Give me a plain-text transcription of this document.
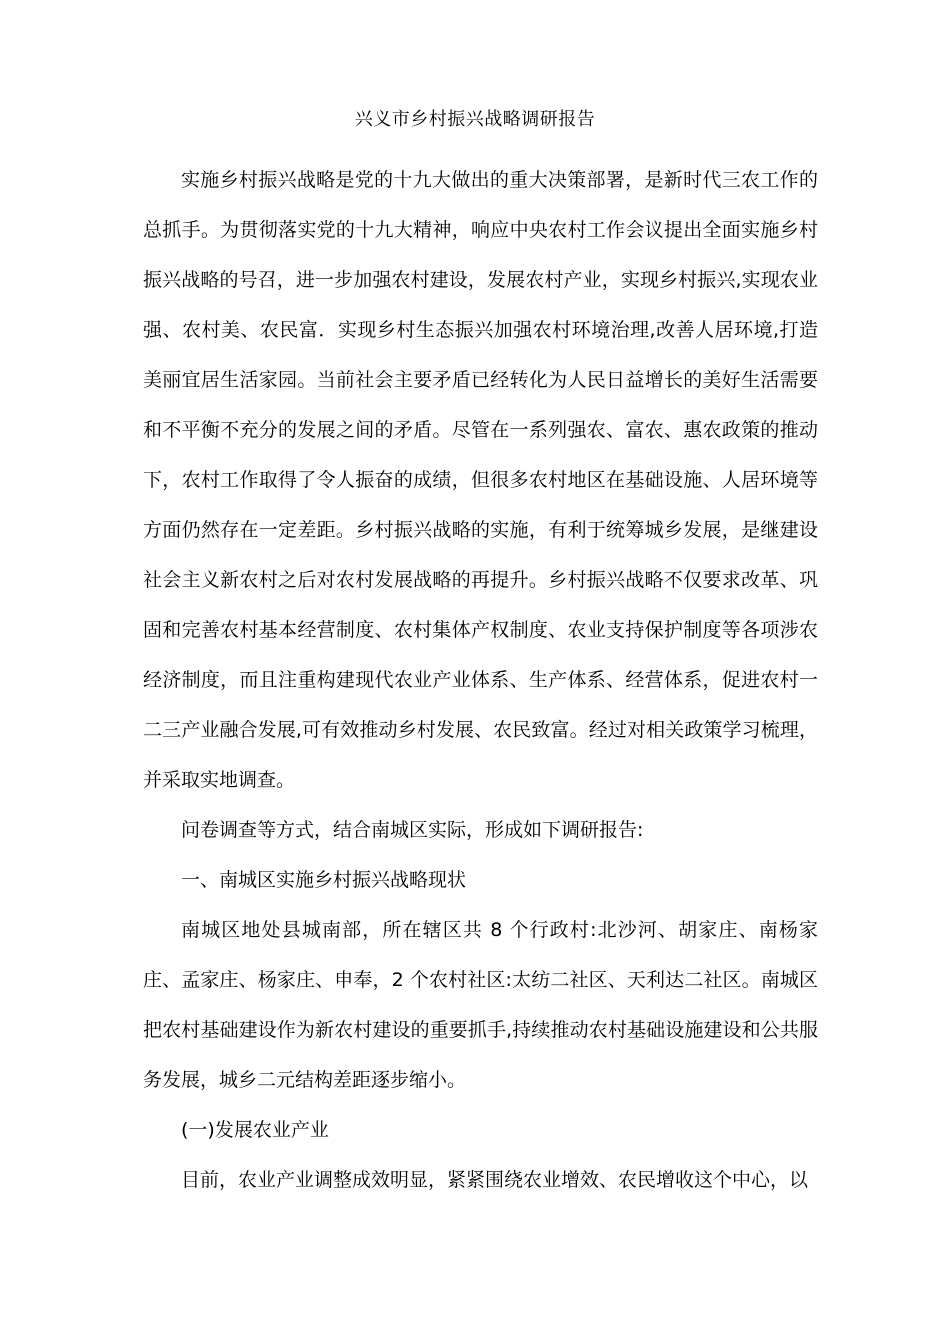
兴义市乡村振兴战略调研报告

实施乡村振兴战略是党的十九大做出的重大决策部署，是新时代三农工作的总抓手。为贯彻落实党的十九大精神，响应中央农村工作会议提出全面实施乡村振兴战略的号召，进一步加强农村建设，发展农村产业，实现乡村振兴,实现农业强、农村美、农民富．实现乡村生态振兴加强农村环境治理,改善人居环境,打造美丽宜居生活家园。当前社会主要矛盾已经转化为人民日益增长的美好生活需要和不平衡不充分的发展之间的矛盾。尽管在一系列强农、富农、惠农政策的推动下，农村工作取得了令人振奋的成绩，但很多农村地区在基础设施、人居环境等方面仍然存在一定差距。乡村振兴战略的实施，有利于统筹城乡发展，是继建设社会主义新农村之后对农村发展战略的再提升。乡村振兴战略不仅要求改革、巩固和完善农村基本经营制度、农村集体产权制度、农业支持保护制度等各项涉农经济制度，而且注重构建现代农业产业体系、生产体系、经营体系，促进农村一二三产业融合发展,可有效推动乡村发展、农民致富。经过对相关政策学习梳理，并采取实地调查。

问卷调查等方式，结合南城区实际，形成如下调研报告:

一、南城区实施乡村振兴战略现状

南城区地处县城南部，所在辖区共 8 个行政村:北沙河、胡家庄、南杨家庄、孟家庄、杨家庄、申奉，2 个农村社区:太纺二社区、天利达二社区。南城区把农村基础建设作为新农村建设的重要抓手,持续推动农村基础设施建设和公共服务发展，城乡二元结构差距逐步缩小。

(一)发展农业产业

目前，农业产业调整成效明显，紧紧围绕农业增效、农民增收这个中心，以
